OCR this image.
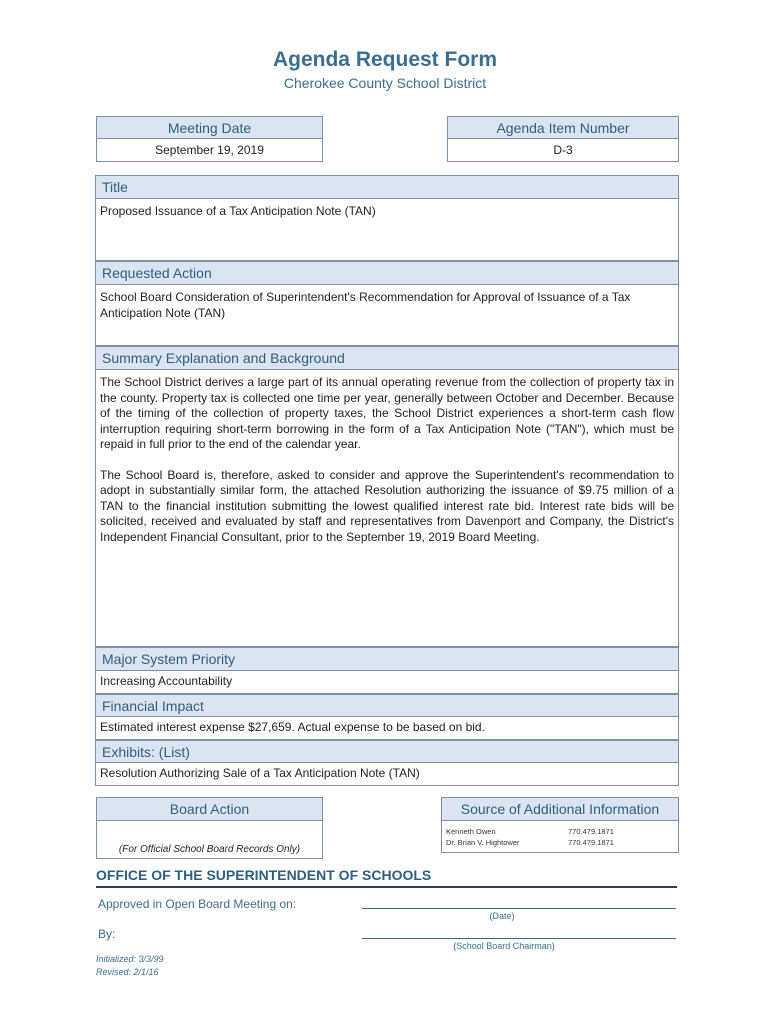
Agenda Request Form
Cherokee County School District
Meeting Date
September 19, 2019
Agenda Item Number
D-3
Title
Proposed Issuance of a Tax Anticipation Note (TAN)
Requested Action
School Board Consideration of Superintendent's Recommendation for Approval of Issuance of a Tax Anticipation Note (TAN)
Summary Explanation and Background

The School District derives a large part of its annual operating revenue from the collection of property tax in the county. Property tax is collected one time per year, generally between October and December. Because of the timing of the collection of property taxes, the School District experiences a short-term cash flow interruption requiring short-term borrowing in the form of a Tax Anticipation Note ("TAN"), which must be repaid in full prior to the end of the calendar year.

The School Board is, therefore, asked to consider and approve the Superintendent's recommendation to adopt in substantially similar form, the attached Resolution authorizing the issuance of $9.75 million of a TAN to the financial institution submitting the lowest qualified interest rate bid. Interest rate bids will be solicited, received and evaluated by staff and representatives from Davenport and Company, the District's Independent Financial Consultant, prior to the September 19, 2019 Board Meeting.

Major System Priority
Increasing Accountability
Financial Impact
Estimated interest expense $27,659. Actual expense to be based on bid.
Exhibits: (List)
Resolution Authorizing Sale of a Tax Anticipation Note (TAN)
Board Action
(For Official School Board Records Only)
Source of Additional Information
Kenneth Owen	770.479.1871
Dr. Brian V. Hightower	770.479.1871
OFFICE OF THE SUPERINTENDENT OF SCHOOLS
Approved in Open Board Meeting on:
(Date)
By:
(School Board Chairman)
Initialized: 3/3/99
Revised: 2/1/16
